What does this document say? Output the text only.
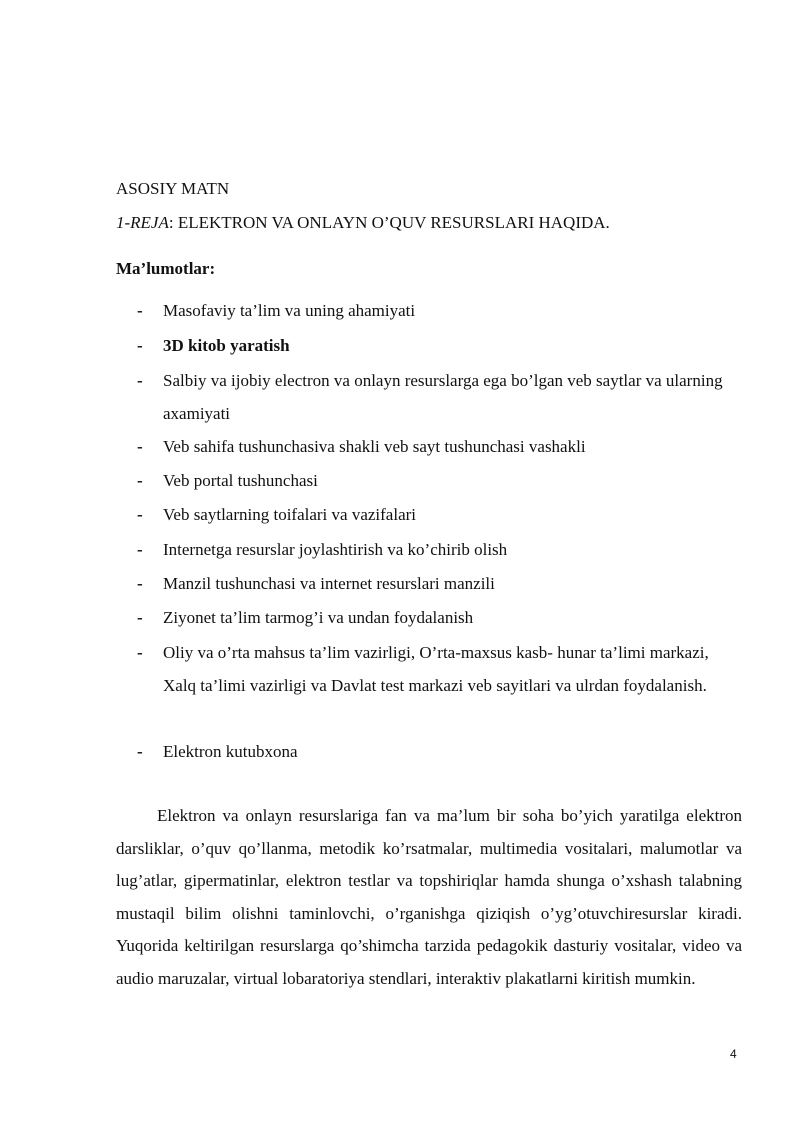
ASOSIY MATN
1-REJA: ELEKTRON VA ONLAYN O’QUV RESURSLARI HAQIDA.
Ma’lumotlar:
-	Masofaviy ta’lim va uning ahamiyati
-	3D kitob yaratish
-	Salbiy va ijobiy electron va onlayn resurslarga ega bo’lgan veb saytlar va ularning axamiyati
-	Veb sahifa tushunchasiva shakli veb sayt tushunchasi vashakli
-	Veb portal tushunchasi
-	Veb saytlarning toifalari va vazifalari
-	Internetga resurslar joylashtirish va ko’chirib olish
-	Manzil tushunchasi va internet resurslari manzili
-	Ziyonet ta’lim tarmog’i va undan foydalanish
-	Oliy va o’rta mahsus ta’lim vazirligi, O’rta-maxsus kasb- hunar ta’limi markazi, Xalq ta’limi vazirligi va Davlat test markazi veb sayitlari va ulrdan foydalanish.
-	Elektron kutubxona

Elektron va onlayn resurslariga fan va ma’lum bir soha bo’yich yaratilga elektron darsliklar, o’quv qo’llanma, metodik ko’rsatmalar, multimedia vositalari, malumotlar va lug’atlar, gipermatinlar, elektron testlar va topshiriqlar hamda shunga o’xshash talabning mustaqil bilim olishni taminlovchi, o’rganishga qiziqish o’yg’otuvchiresurslar kiradi. Yuqorida keltirilgan resurslarga qo’shimcha tarzida pedagokik dasturiy vositalar, video va audio maruzalar, virtual lobaratoriya stendlari, interaktiv plakatlarni kiritish mumkin.

4
